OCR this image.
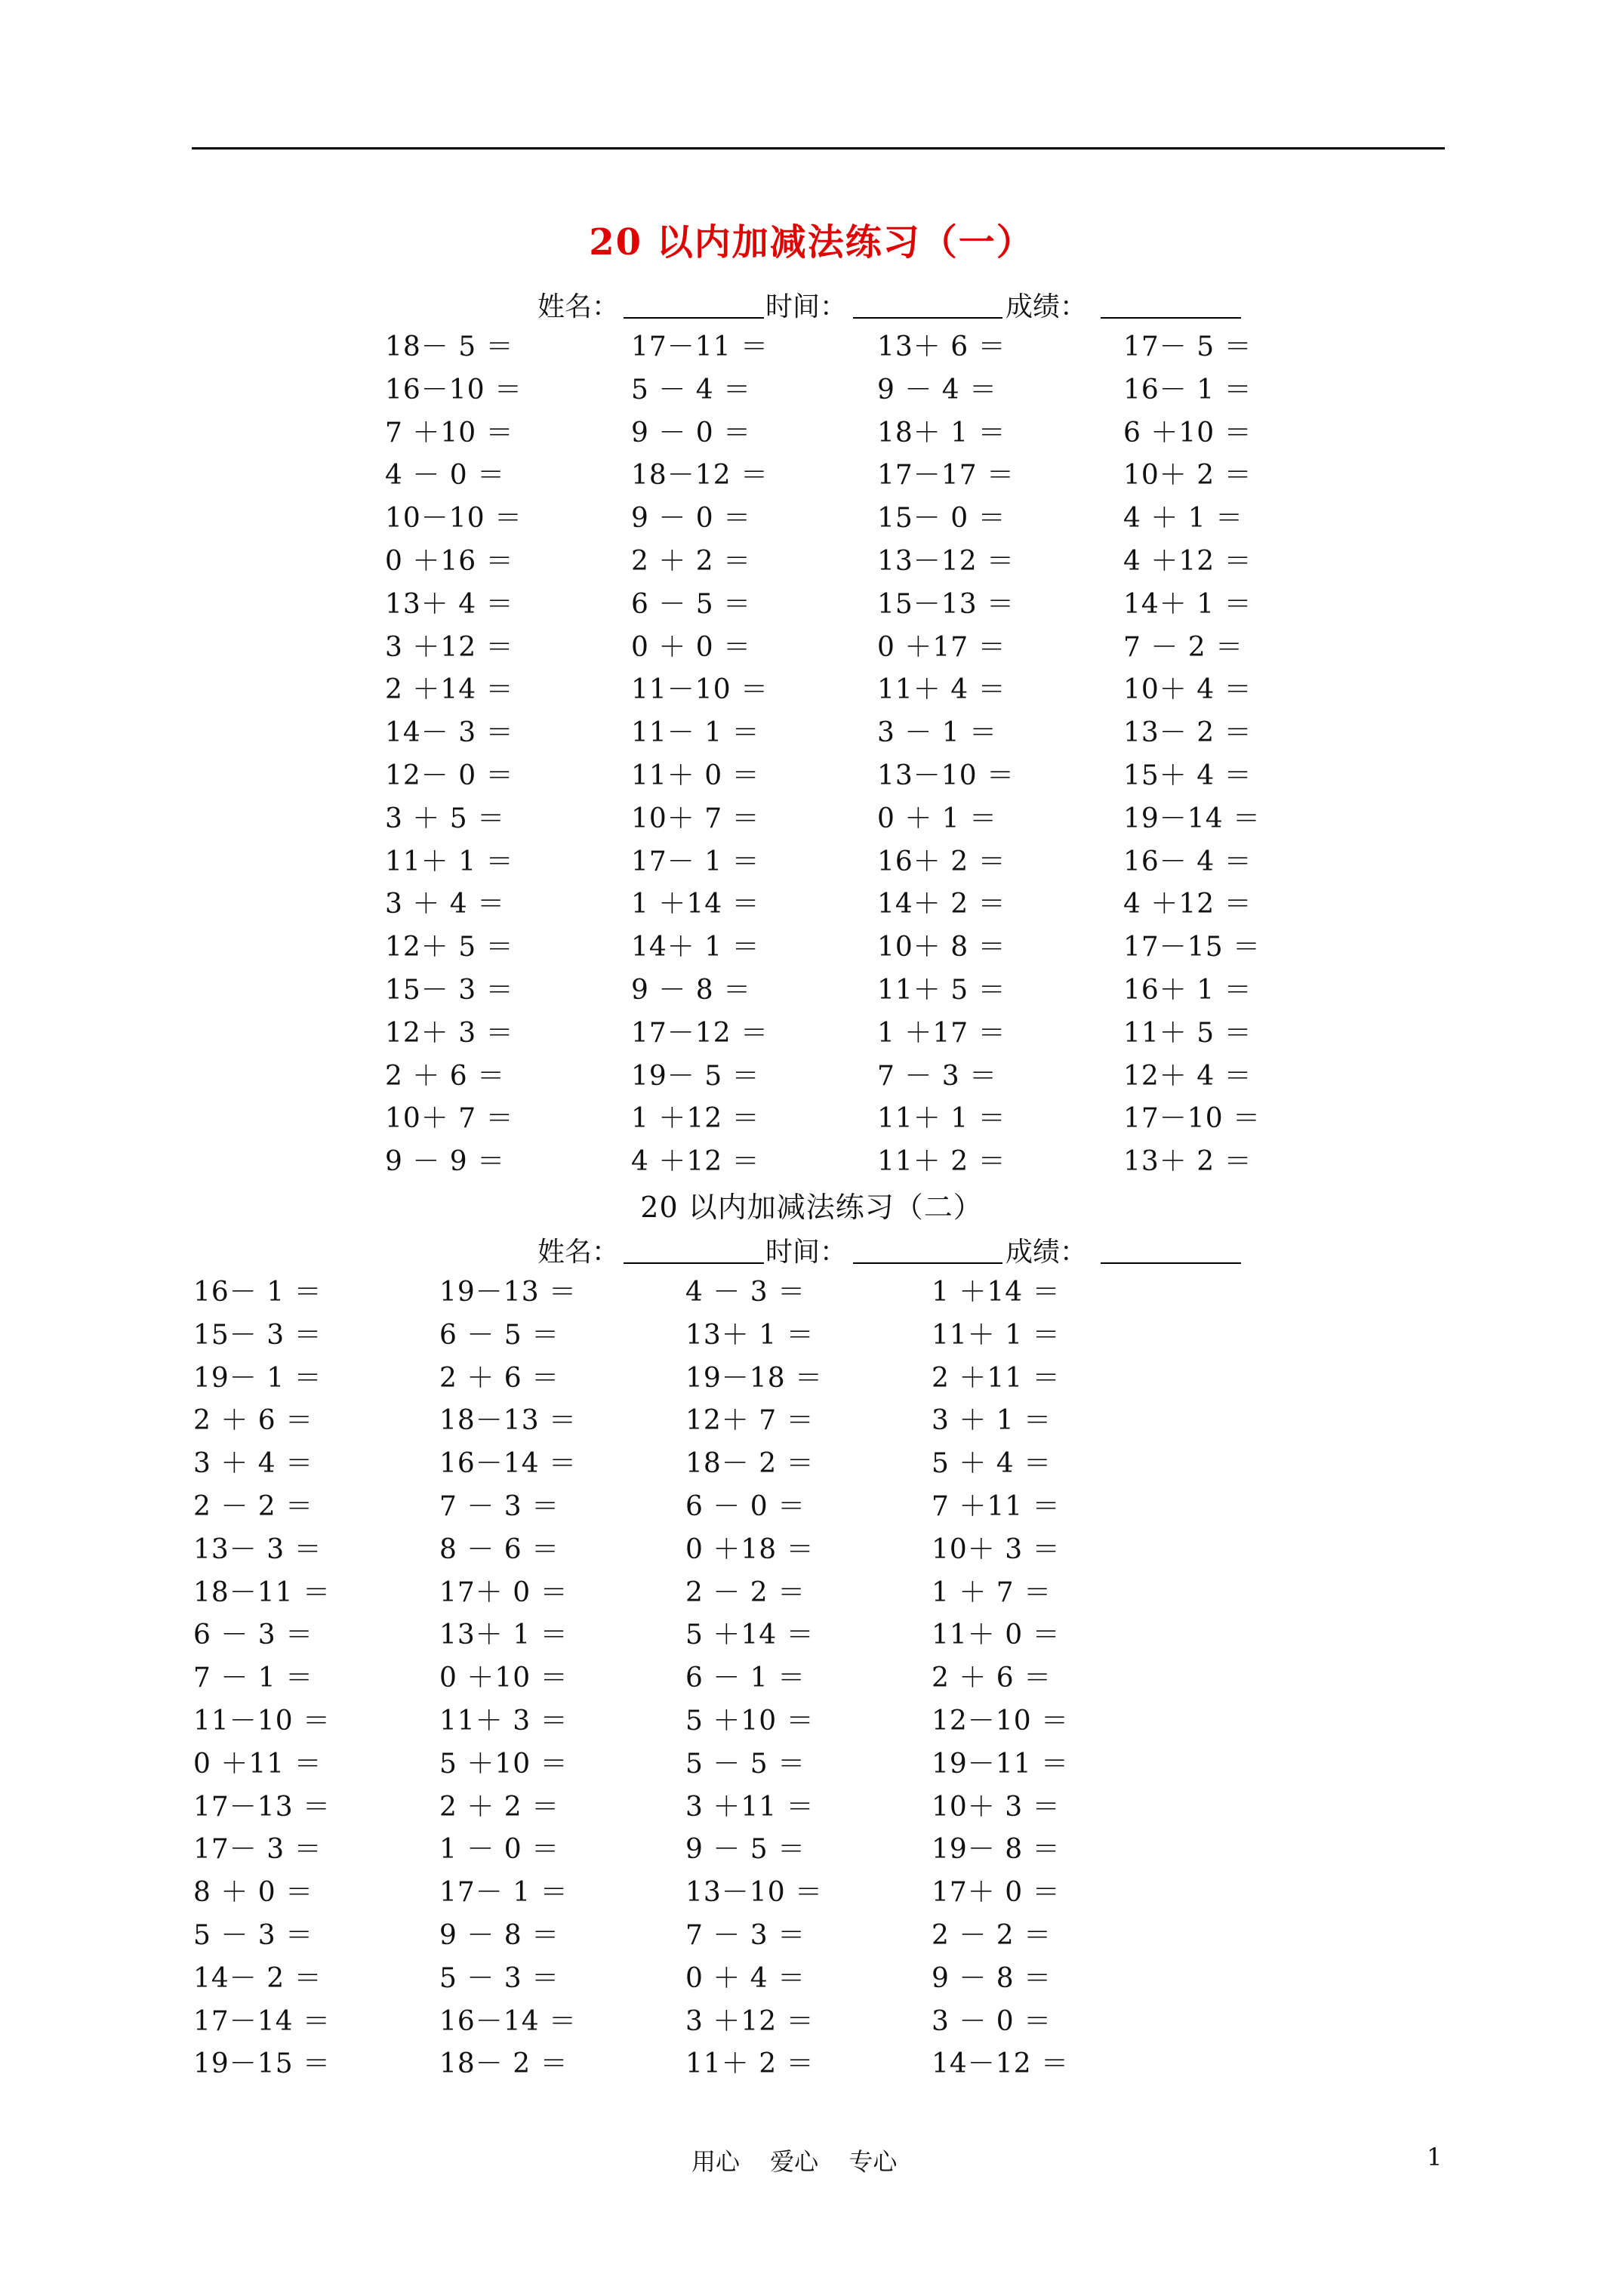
20 以内加减法练习（一）
姓名：	时间：	成绩：
18－ 5 ＝	17－11 ＝	13＋ 6 ＝	17－ 5 ＝
16－10 ＝	5 － 4 ＝	9 － 4 ＝	16－ 1 ＝
7 ＋10 ＝	9 － 0 ＝	18＋ 1 ＝	6 ＋10 ＝
4 － 0 ＝	18－12 ＝	17－17 ＝	10＋ 2 ＝
10－10 ＝	9 － 0 ＝	15－ 0 ＝	4 ＋ 1 ＝
0 ＋16 ＝	2 ＋ 2 ＝	13－12 ＝	4 ＋12 ＝
13＋ 4 ＝	6 － 5 ＝	15－13 ＝	14＋ 1 ＝
3 ＋12 ＝	0 ＋ 0 ＝	0 ＋17 ＝	7 － 2 ＝
2 ＋14 ＝	11－10 ＝	11＋ 4 ＝	10＋ 4 ＝
14－ 3 ＝	11－ 1 ＝	3 － 1 ＝	13－ 2 ＝
12－ 0 ＝	11＋ 0 ＝	13－10 ＝	15＋ 4 ＝
3 ＋ 5 ＝	10＋ 7 ＝	0 ＋ 1 ＝	19－14 ＝
11＋ 1 ＝	17－ 1 ＝	16＋ 2 ＝	16－ 4 ＝
3 ＋ 4 ＝	1 ＋14 ＝	14＋ 2 ＝	4 ＋12 ＝
12＋ 5 ＝	14＋ 1 ＝	10＋ 8 ＝	17－15 ＝
15－ 3 ＝	9 － 8 ＝	11＋ 5 ＝	16＋ 1 ＝
12＋ 3 ＝	17－12 ＝	1 ＋17 ＝	11＋ 5 ＝
2 ＋ 6 ＝	19－ 5 ＝	7 － 3 ＝	12＋ 4 ＝
10＋ 7 ＝	1 ＋12 ＝	11＋ 1 ＝	17－10 ＝
9 － 9 ＝	4 ＋12 ＝	11＋ 2 ＝	13＋ 2 ＝
20 以内加减法练习（二）
姓名：	时间：	成绩：
16－ 1 ＝	19－13 ＝	4 － 3 ＝	1 ＋14 ＝
15－ 3 ＝	6 － 5 ＝	13＋ 1 ＝	11＋ 1 ＝
19－ 1 ＝	2 ＋ 6 ＝	19－18 ＝	2 ＋11 ＝
2 ＋ 6 ＝	18－13 ＝	12＋ 7 ＝	3 ＋ 1 ＝
3 ＋ 4 ＝	16－14 ＝	18－ 2 ＝	5 ＋ 4 ＝
2 － 2 ＝	7 － 3 ＝	6 － 0 ＝	7 ＋11 ＝
13－ 3 ＝	8 － 6 ＝	0 ＋18 ＝	10＋ 3 ＝
18－11 ＝	17＋ 0 ＝	2 － 2 ＝	1 ＋ 7 ＝
6 － 3 ＝	13＋ 1 ＝	5 ＋14 ＝	11＋ 0 ＝
7 － 1 ＝	0 ＋10 ＝	6 － 1 ＝	2 ＋ 6 ＝
11－10 ＝	11＋ 3 ＝	5 ＋10 ＝	12－10 ＝
0 ＋11 ＝	5 ＋10 ＝	5 － 5 ＝	19－11 ＝
17－13 ＝	2 ＋ 2 ＝	3 ＋11 ＝	10＋ 3 ＝
17－ 3 ＝	1 － 0 ＝	9 － 5 ＝	19－ 8 ＝
8 ＋ 0 ＝	17－ 1 ＝	13－10 ＝	17＋ 0 ＝
5 － 3 ＝	9 － 8 ＝	7 － 3 ＝	2 － 2 ＝
14－ 2 ＝	5 － 3 ＝	0 ＋ 4 ＝	9 － 8 ＝
17－14 ＝	16－14 ＝	3 ＋12 ＝	3 － 0 ＝
19－15 ＝	18－ 2 ＝	11＋ 2 ＝	14－12 ＝
用心 爱心 专心	1
